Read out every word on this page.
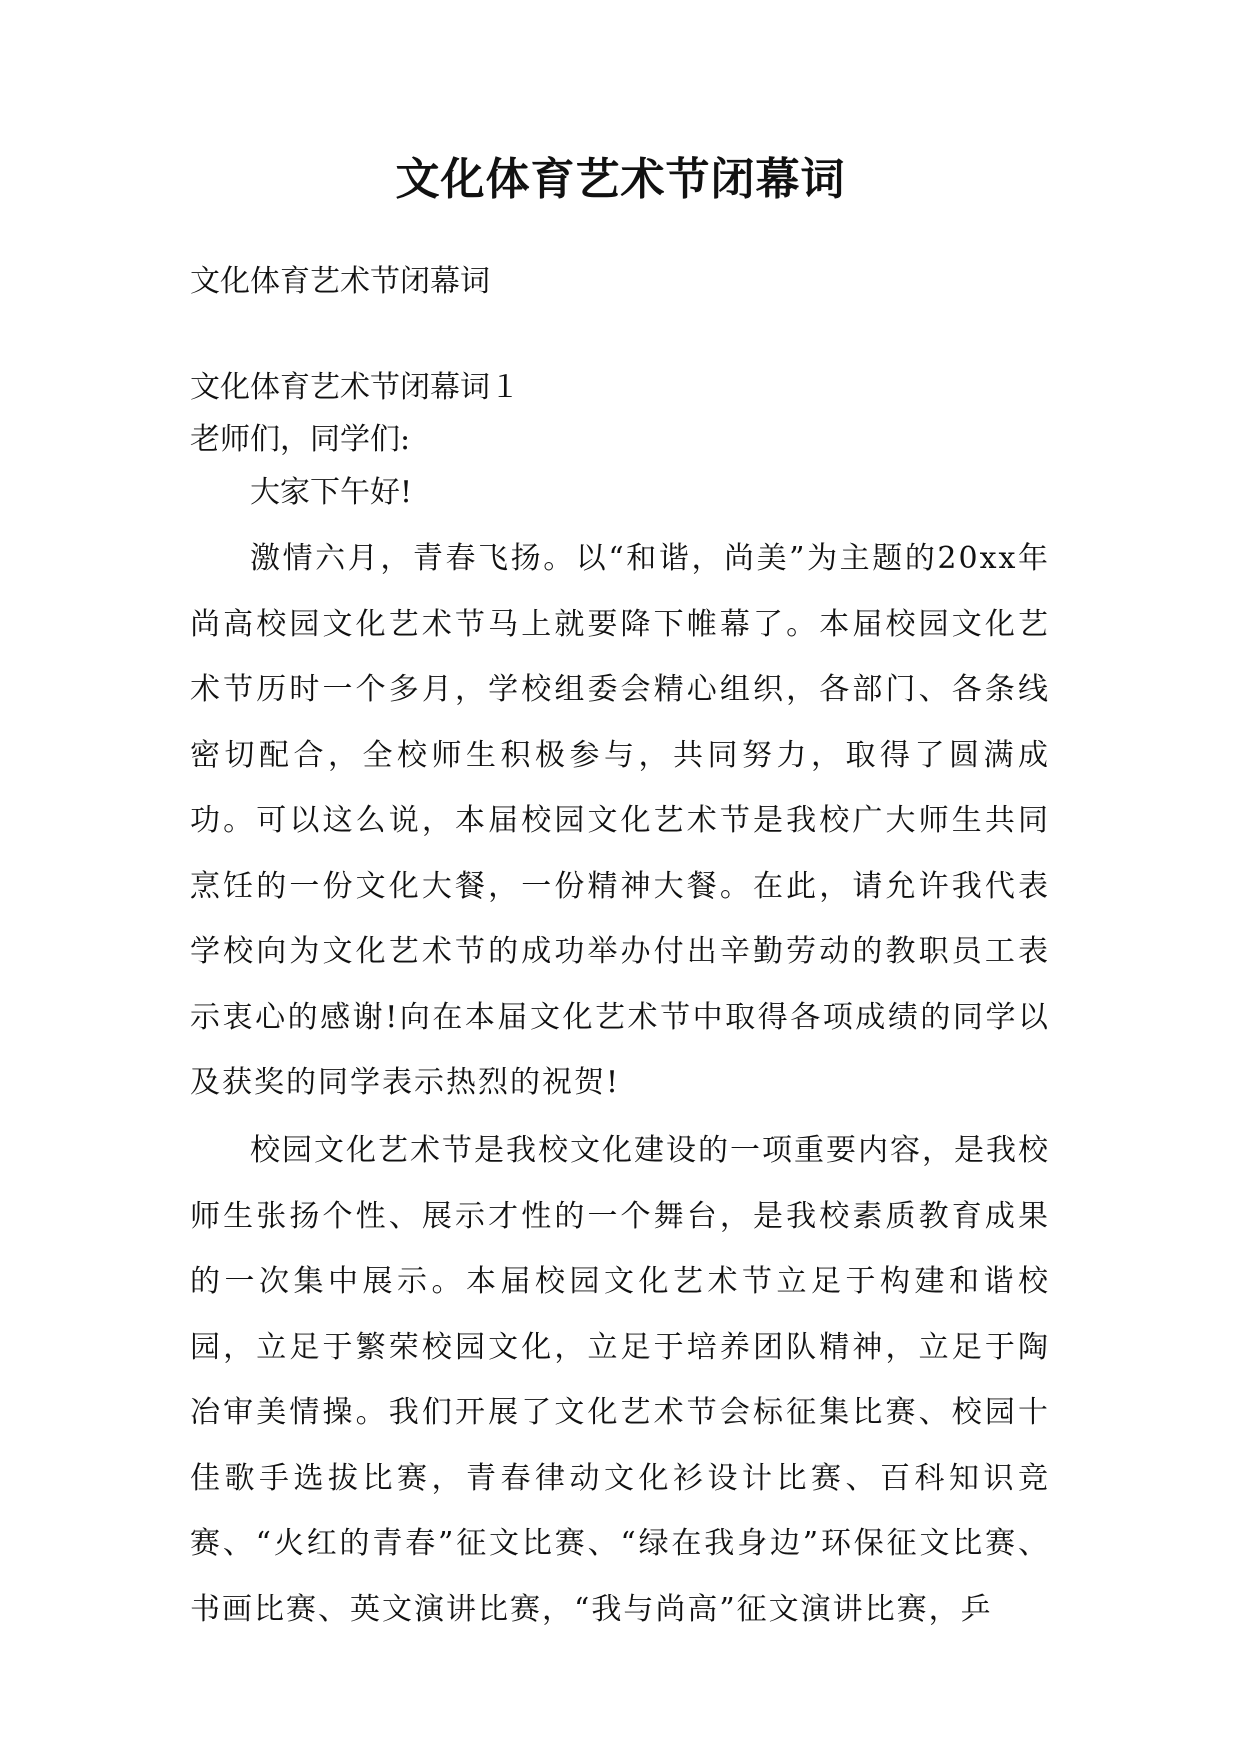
文化体育艺术节闭幕词
文化体育艺术节闭幕词
文化体育艺术节闭幕词１
老师们，同学们:
大家下午好!
激情六月，青春飞扬。以“和谐，尚美”为主题的20xx年尚高校园文化艺术节马上就要降下帷幕了。本届校园文化艺术节历时一个多月，学校组委会精心组织，各部门、各条线密切配合，全校师生积极参与，共同努力，取得了圆满成功。可以这么说，本届校园文化艺术节是我校广大师生共同烹饪的一份文化大餐，一份精神大餐。在此，请允许我代表学校向为文化艺术节的成功举办付出辛勤劳动的教职员工表示衷心的感谢!向在本届文化艺术节中取得各项成绩的同学以及获奖的同学表示热烈的祝贺!
校园文化艺术节是我校文化建设的一项重要内容，是我校师生张扬个性、展示才性的一个舞台，是我校素质教育成果的一次集中展示。本届校园文化艺术节立足于构建和谐校园，立足于繁荣校园文化，立足于培养团队精神，立足于陶冶审美情操。我们开展了文化艺术节会标征集比赛、校园十佳歌手选拔比赛，青春律动文化衫设计比赛、百科知识竞赛、“火红的青春”征文比赛、“绿在我身边”环保征文比赛、书画比赛、英文演讲比赛，“我与尚高”征文演讲比赛，乒
